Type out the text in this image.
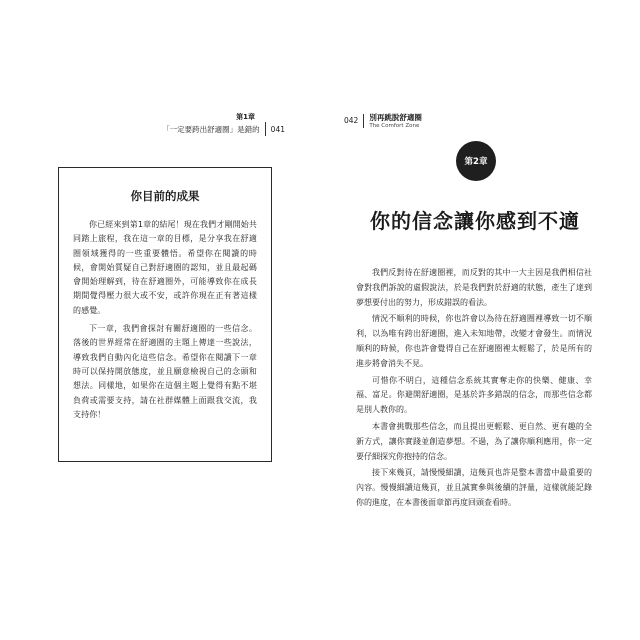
第1章
「一定要跨出舒適圈」是錯的 041
042 別再跳脫舒適圈
The Comfort Zone
你目前的成果

你已經來到第1章的結尾！現在我們才剛開始共同踏上旅程，我在這一章的目標，是分享我在舒適圈領域獲得的一些重要體悟。希望你在閱讀的時候，會開始質疑自己對舒適圈的認知，並且最起碼會開始理解到，待在舒適圈外，可能導致你在成長期間覺得壓力很大或不安，或許你現在正有著這樣的感覺。

下一章，我們會探討有關舒適圈的一些信念。落後的世界經常在舒適圈的主題上傳達一些說法，導致我們自動內化這些信念。希望你在閱讀下一章時可以保持開放態度，並且願意檢視自己的念頭和想法。同樣地，如果你在這個主題上覺得有點不堪負荷或需要支持，請在社群媒體上面跟我交流，我支持你！

第2章
你的信念讓你感到不適

我們反對待在舒適圈裡，而反對的其中一大主因是我們相信社會對我們訴說的虛假說法，於是我們對於舒適的狀態，產生了達到夢想要付出的努力，形成錯誤的看法。

情況不順利的時候，你也許會以為待在舒適圈裡導致一切不順利，以為唯有跨出舒適圈，進入未知地帶，改變才會發生。而情況順利的時候，你也許會覺得自己在舒適圈裡太輕鬆了，於是所有的進步將會消失不見。

可惜你不明白，這種信念系統其實奪走你的快樂、健康、幸福、富足。你避開舒適圈，是基於許多錯誤的信念，而那些信念都是別人教你的。

本書會挑戰那些信念，而且提出更輕鬆、更自然、更有趣的全新方式，讓你實踐並創造夢想。不過，為了讓你順利應用，你一定要仔細探究你抱持的信念。

接下來幾頁，請慢慢細讀，這幾頁也許是整本書當中最重要的內容。慢慢細讀這幾頁，並且誠實參與後續的評量，這樣就能記錄你的進度，在本書後面章節再度回頭查看時。
